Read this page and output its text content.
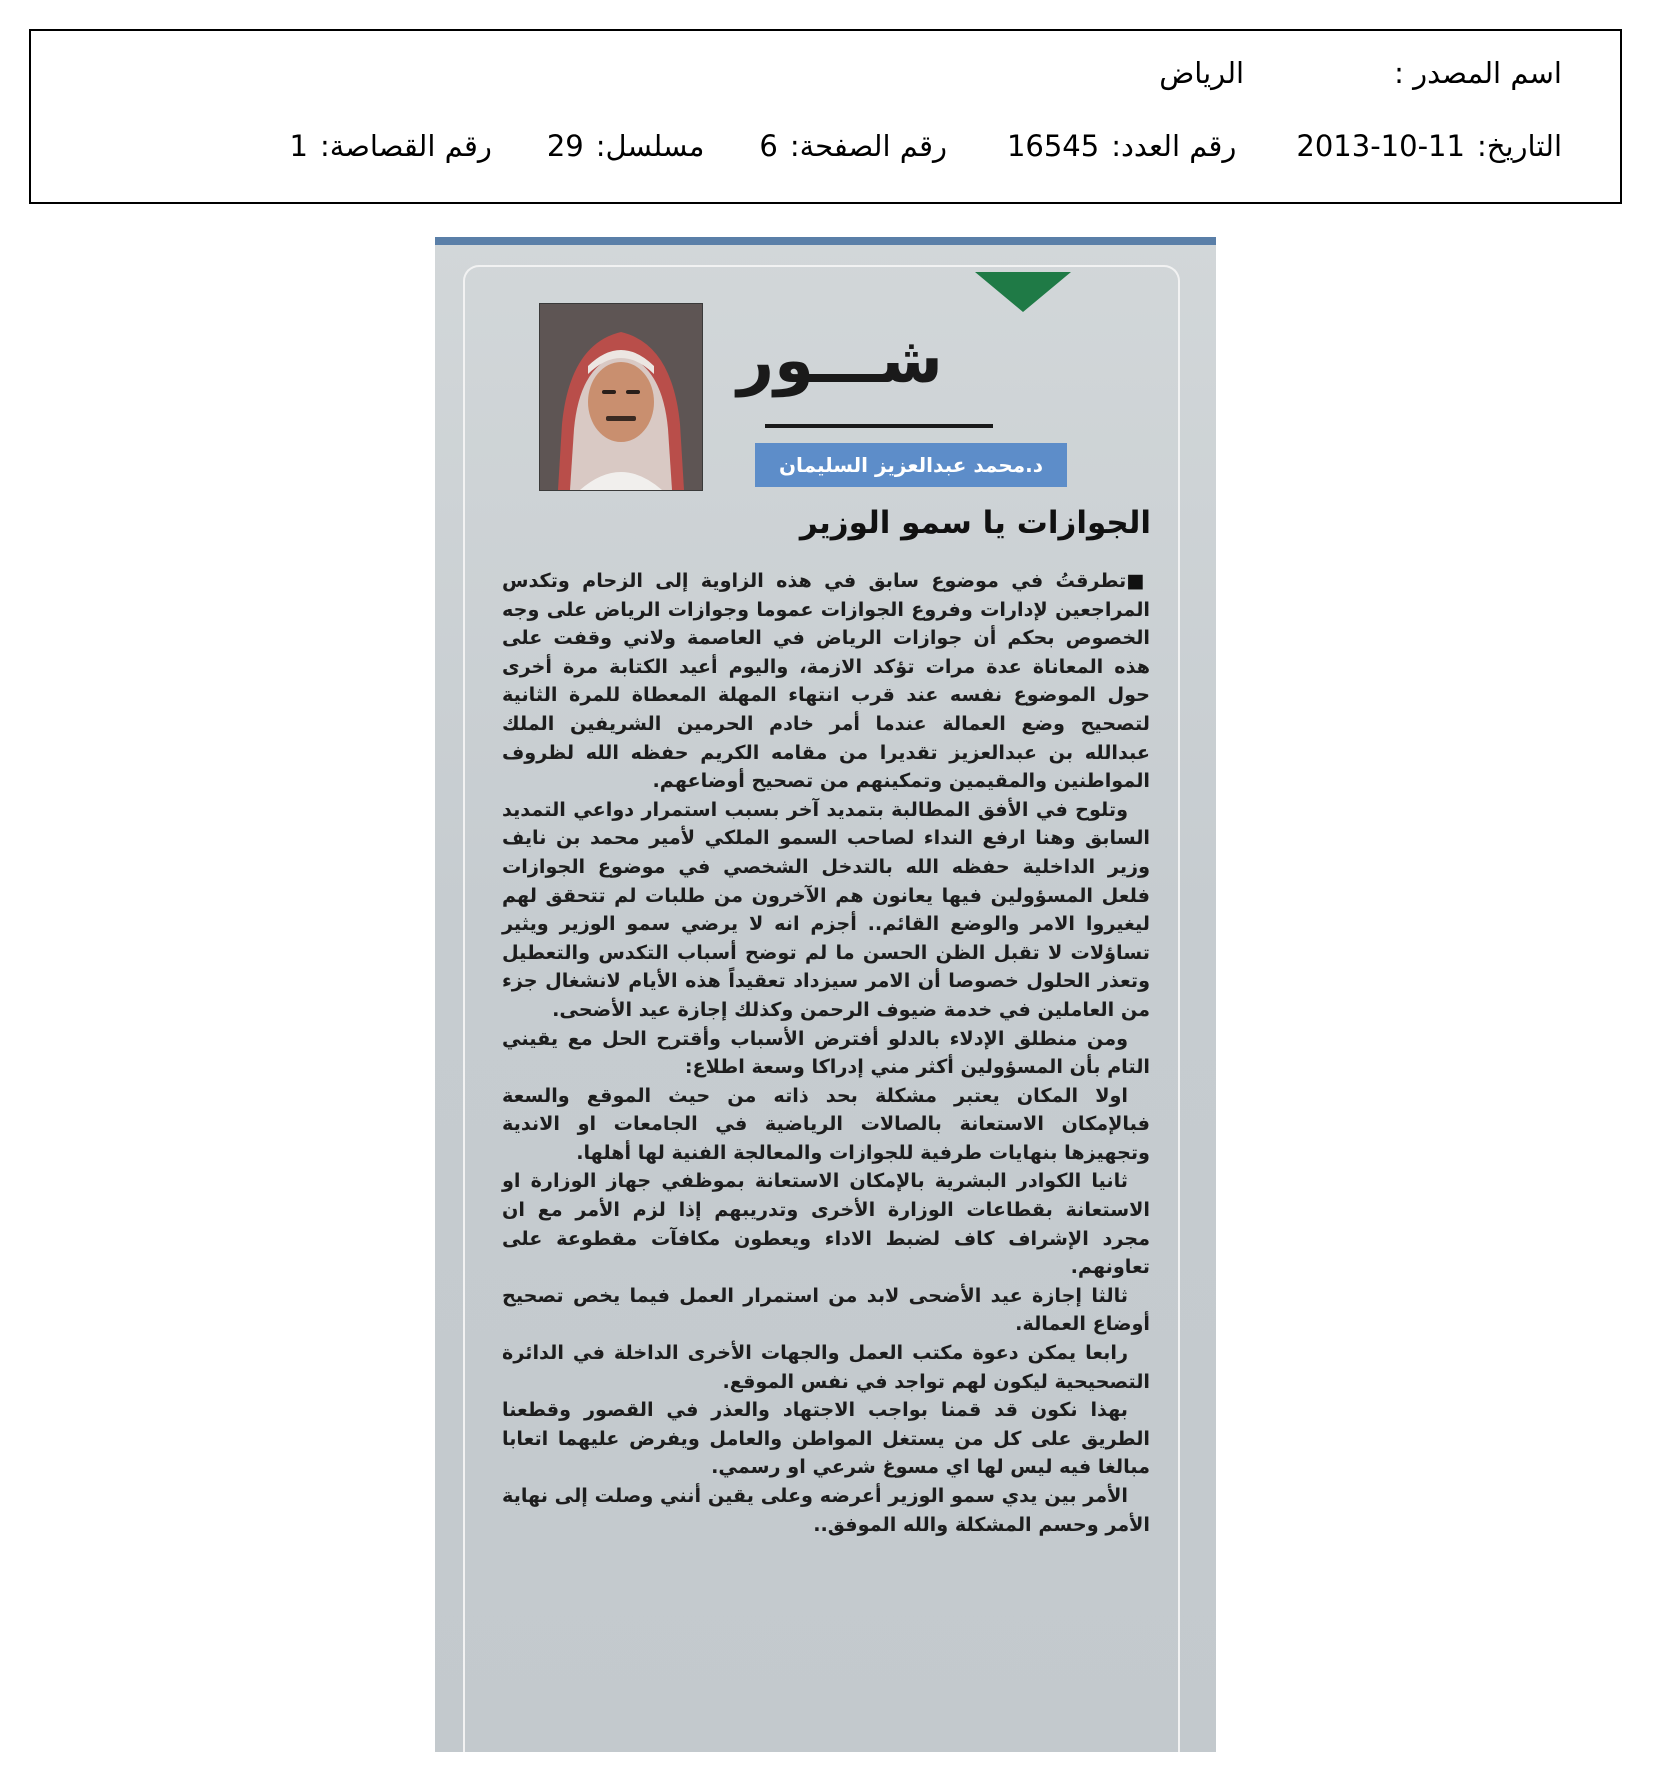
اسم المصدر :
الرياض
التاريخ:
2013-10-11
رقم العدد:
16545
رقم الصفحة:
6
مسلسل:
29
رقم القصاصة:
1
شـــور
د.محمد عبدالعزيز السليمان
الجوازات يا سمو الوزير

■تطرقتُ في موضوع سابق في هذه الزاوية إلى الزحام وتكدس المراجعين لإدارات وفروع الجوازات عموما وجوازات الرياض على وجه الخصوص بحكم أن جوازات الرياض في العاصمة ولاني وقفت على هذه المعاناة عدة مرات تؤكد الازمة، واليوم أعيد الكتابة مرة أخرى حول الموضوع نفسه عند قرب انتهاء المهلة المعطاة للمرة الثانية لتصحيح وضع العمالة عندما أمر خادم الحرمين الشريفين الملك عبدالله بن عبدالعزيز تقديرا من مقامه الكريم حفظه الله لظروف المواطنين والمقيمين وتمكينهم من تصحيح أوضاعهم.

وتلوح في الأفق المطالبة بتمديد آخر بسبب استمرار دواعي التمديد السابق وهنا ارفع النداء لصاحب السمو الملكي لأمير محمد بن نايف وزير الداخلية حفظه الله بالتدخل الشخصي في موضوع الجوازات فلعل المسؤولين فيها يعانون هم الآخرون من طلبات لم تتحقق لهم ليغيروا الامر والوضع القائم.. أجزم انه لا يرضي سمو الوزير ويثير تساؤلات لا تقبل الظن الحسن ما لم توضح أسباب التكدس والتعطيل وتعذر الحلول خصوصا أن الامر سيزداد تعقيداً هذه الأيام لانشغال جزء من العاملين في خدمة ضيوف الرحمن وكذلك إجازة عيد الأضحى.

ومن منطلق الإدلاء بالدلو أفترض الأسباب وأقترح الحل مع يقيني التام بأن المسؤولين أكثر مني إدراكا وسعة اطلاع:

اولا المكان يعتبر مشكلة بحد ذاته من حيث الموقع والسعة فبالإمكان الاستعانة بالصالات الرياضية في الجامعات او الاندية وتجهيزها بنهايات طرفية للجوازات والمعالجة الفنية لها أهلها.

ثانيا الكوادر البشرية بالإمكان الاستعانة بموظفي جهاز الوزارة او الاستعانة بقطاعات الوزارة الأخرى وتدريبهم إذا لزم الأمر مع ان مجرد الإشراف كاف لضبط الاداء ويعطون مكافآت مقطوعة على تعاونهم.

ثالثا إجازة عيد الأضحى لابد من استمرار العمل فيما يخص تصحيح أوضاع العمالة.

رابعا يمكن دعوة مكتب العمل والجهات الأخرى الداخلة في الدائرة التصحيحية ليكون لهم تواجد في نفس الموقع.

بهذا نكون قد قمنا بواجب الاجتهاد والعذر في القصور وقطعنا الطريق على كل من يستغل المواطن والعامل ويفرض عليهما اتعابا مبالغا فيه ليس لها اي مسوغ شرعي او رسمي.

الأمر بين يدي سمو الوزير أعرضه وعلى يقين أنني وصلت إلى نهاية الأمر وحسم المشكلة والله الموفق..
